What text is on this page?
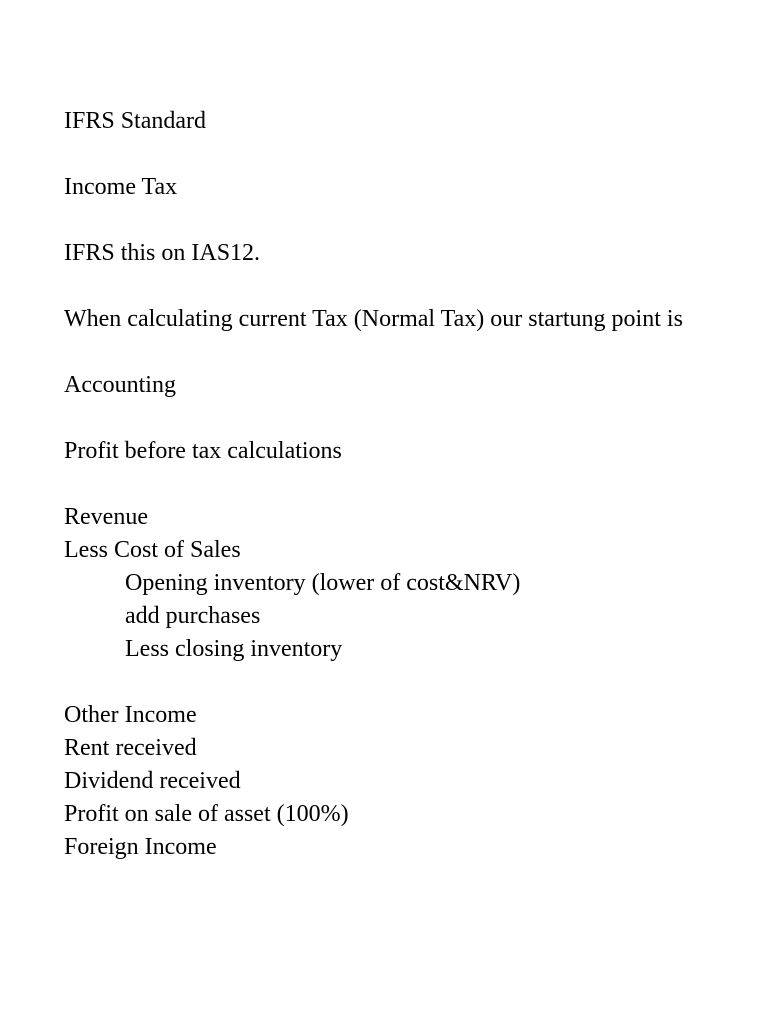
IFRS Standard
Income Tax
IFRS this on IAS12.
When calculating current Tax (Normal Tax) our startung point is
Accounting
Profit before tax calculations
Revenue
Less Cost of Sales
Opening inventory (lower of cost&NRV)
add purchases
Less closing inventory
Other Income
Rent received
Dividend received
Profit on sale of asset (100%)
Foreign Income
